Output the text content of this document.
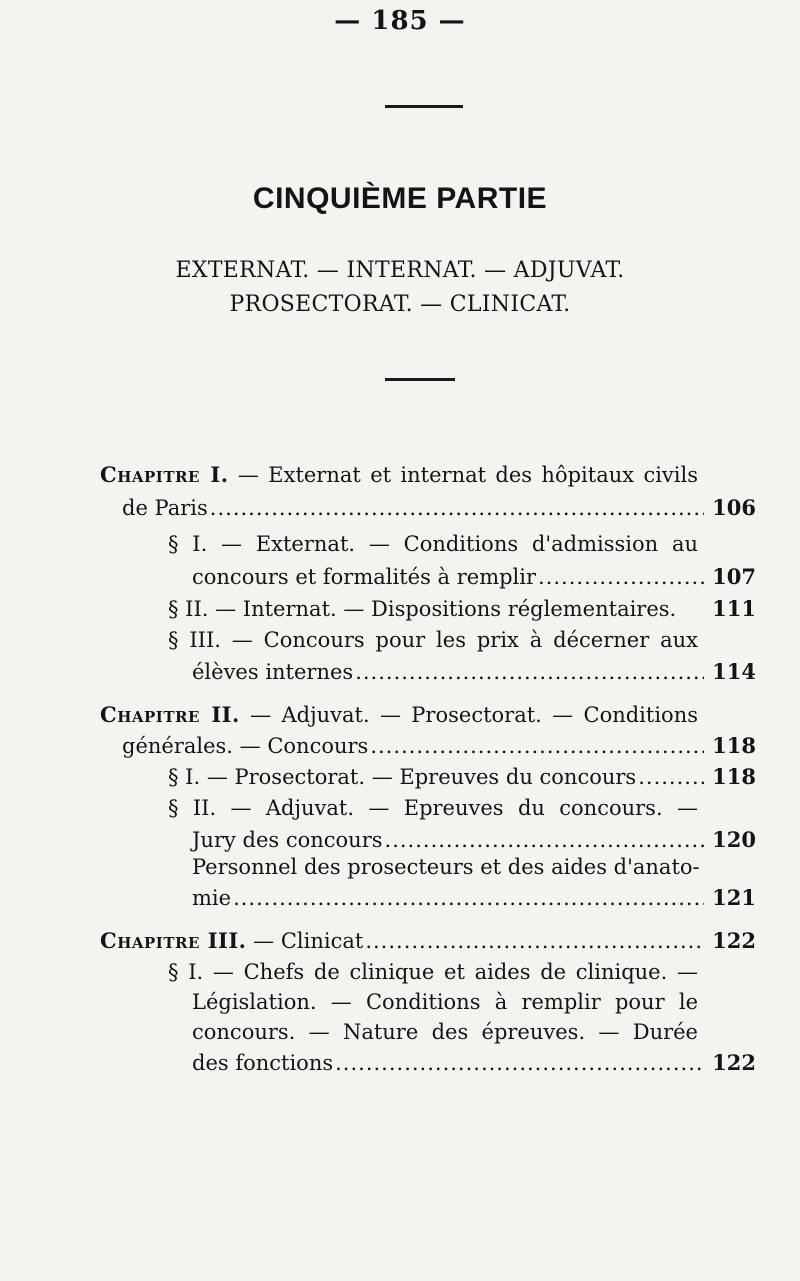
— 185 —
CINQUIÈME PARTIE
EXTERNAT. — INTERNAT. — ADJUVAT.
PROSECTORAT. — CLINICAT.
Chapitre I. — Externat et internat des hôpitaux civils
de Paris .....	106
§ I. — Externat. — Conditions d'admission au
concours et formalités à remplir .....	107
§ II. — Internat. — Dispositions réglementaires. 111
§ III. — Concours pour les prix à décerner aux
élèves internes .....	114
Chapitre II. — Adjuvat. — Prosectorat. — Conditions
générales. — Concours .....	118
§ I. — Prosectorat. — Epreuves du concours .....	118
§ II. — Adjuvat. — Epreuves du concours. —
Jury des concours .....	120
Personnel des prosecteurs et des aides d'anato-
mie .....	121
Chapitre III. — Clinicat .....	122
§ I. — Chefs de clinique et aides de clinique. —
Législation. — Conditions à remplir pour le
concours. — Nature des épreuves. — Durée
des fonctions .....	122
